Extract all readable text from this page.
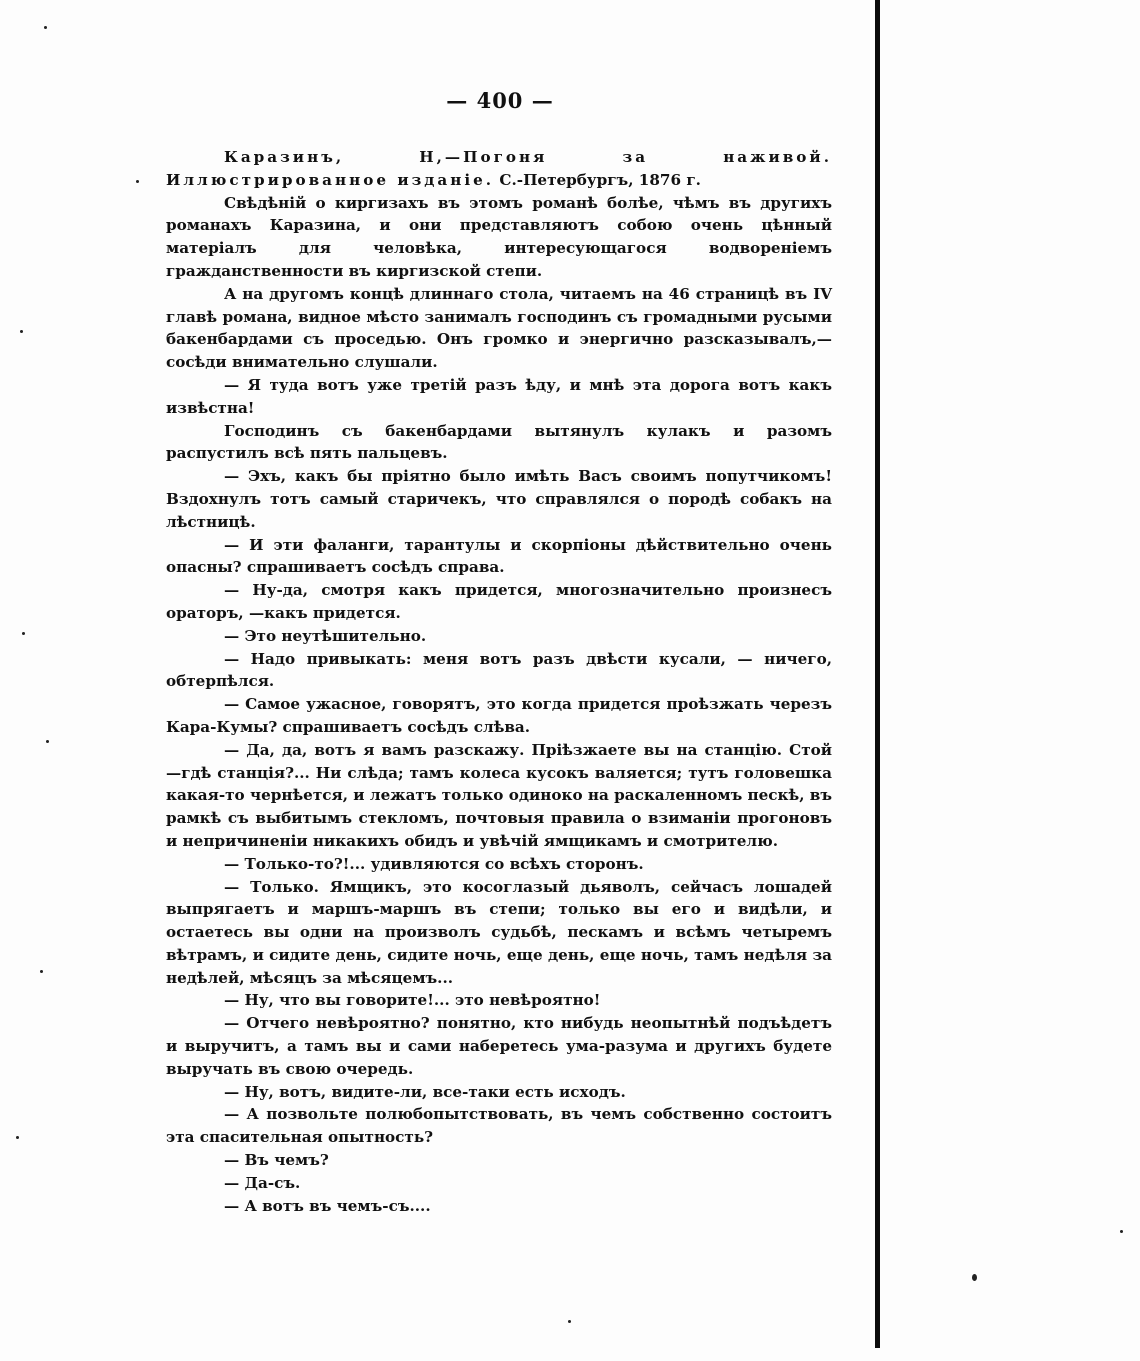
— 400 —

Каразинъ, Н,—Погоня за наживой. Иллюстрированное изданіе. С.-Петербургъ, 1876 г.

Свѣдѣній о киргизахъ въ этомъ романѣ болѣе, чѣмъ въ другихъ романахъ Каразина, и они представляютъ собою очень цѣнный матеріалъ для человѣка, интересующагося водвореніемъ гражданственности въ киргизской степи.

А на другомъ концѣ длиннаго стола, читаемъ на 46 страницѣ въ IV главѣ романа, видное мѣсто занималъ господинъ съ громадными русыми бакенбардами съ проседью. Онъ громко и энергично разсказывалъ,— сосѣди внимательно слушали.

— Я туда вотъ уже третій разъ ѣду, и мнѣ эта дорога вотъ какъ извѣстна!

Господинъ съ бакенбардами вытянулъ кулакъ и разомъ распустилъ всѣ пять пальцевъ.

— Эхъ, какъ бы пріятно было имѣть Васъ своимъ попутчикомъ! Вздохнулъ тотъ самый старичекъ, что справлялся о породѣ собакъ на лѣстницѣ.

— И эти фаланги, тарантулы и скорпіоны дѣйствительно очень опасны? спрашиваетъ сосѣдъ справа.

— Ну-да, смотря какъ придется, многозначительно произнесъ ораторъ, —какъ придется.

— Это неутѣшительно.

— Надо привыкать: меня вотъ разъ двѣсти кусали, — ничего, обтерпѣлся.

— Самое ужасное, говорятъ, это когда придется проѣзжать черезъ Кара-Кумы? спрашиваетъ сосѣдъ слѣва.

— Да, да, вотъ я вамъ разскажу. Пріѣзжаете вы на станцію. Стой —гдѣ станція?... Ни слѣда; тамъ колеса кусокъ валяется; тутъ головешка какая-то чернѣется, и лежатъ только одиноко на раскаленномъ пескѣ, въ рамкѣ съ выбитымъ стекломъ, почтовыя правила о взиманіи прогоновъ и непричиненіи никакихъ обидъ и увѣчій ямщикамъ и смотрителю.

— Только-то?!... удивляются со всѣхъ сторонъ.

— Только. Ямщикъ, это косоглазый дьяволъ, сейчасъ лошадей выпрягаетъ и маршъ-маршъ въ степи; только вы его и видѣли, и остаетесь вы одни на произволъ судьбѣ, пескамъ и всѣмъ четыремъ вѣтрамъ, и сидите день, сидите ночь, еще день, еще ночь, тамъ недѣля за недѣлей, мѣсяцъ за мѣсяцемъ...

— Ну, что вы говорите!... это невѣроятно!

— Отчего невѣроятно? понятно, кто нибудь неопытнѣй подъѣдетъ и выручитъ, а тамъ вы и сами наберетесь ума-разума и другихъ будете выручать въ свою очередь.

— Ну, вотъ, видите-ли, все-таки есть исходъ.

— А позвольте полюбопытствовать, въ чемъ собственно состоитъ эта спасительная опытность?

— Въ чемъ?

— Да-съ.

— А вотъ въ чемъ-съ....
